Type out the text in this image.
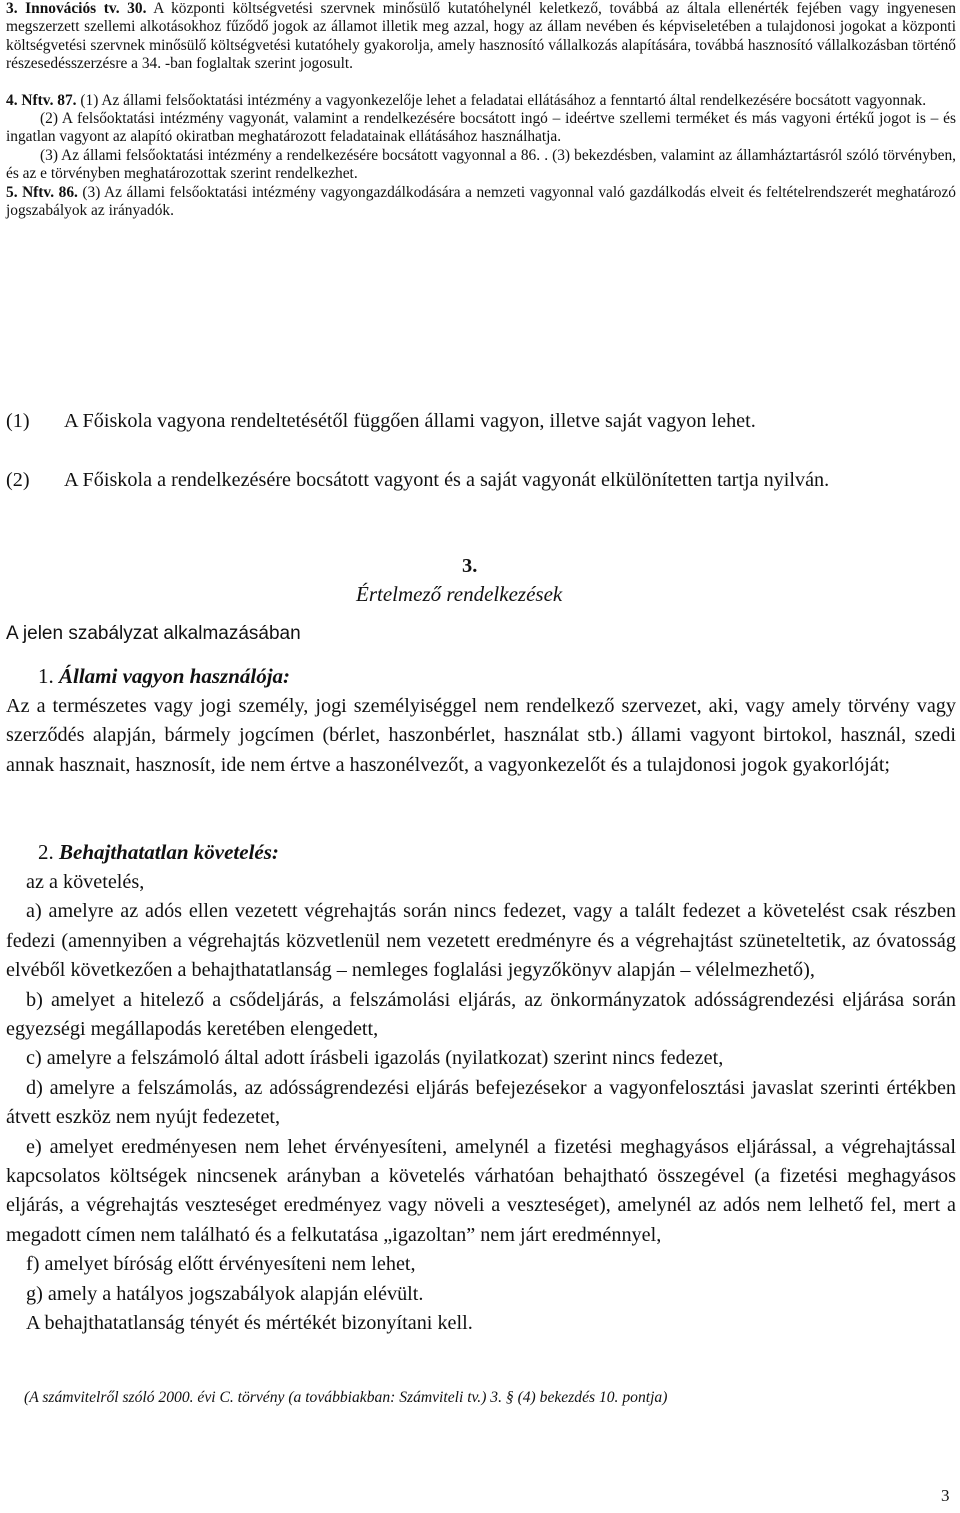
3. Innovációs tv. 30. A központi költségvetési szervnek minősülő kutatóhelynél keletkező, továbbá az általa ellenérték fejében vagy ingyenesen megszerzett szellemi alkotásokhoz fűződő jogok az államot illetik meg azzal, hogy az állam nevében és képviseletében a tulajdonosi jogokat a központi költségvetési szervnek minősülő költségvetési kutatóhely gyakorolja, amely hasznosító vállalkozás alapítására, továbbá hasznosító vállalkozásban történő részesedésszerzésre a 34. -ban foglaltak szerint jogosult.
4. Nftv. 87. (1) Az állami felsőoktatási intézmény a vagyonkezelője lehet a feladatai ellátásához a fenntartó által rendelkezésére bocsátott vagyonnak.
(2) A felsőoktatási intézmény vagyonát, valamint a rendelkezésére bocsátott ingó – ideértve szellemi terméket és más vagyoni értékű jogot is – és ingatlan vagyont az alapító okiratban meghatározott feladatainak ellátásához használhatja.
(3) Az állami felsőoktatási intézmény a rendelkezésére bocsátott vagyonnal a 86. . (3) bekezdésben, valamint az államháztartásról szóló törvényben, és az e törvényben meghatározottak szerint rendelkezhet.
5. Nftv. 86. (3) Az állami felsőoktatási intézmény vagyongazdálkodására a nemzeti vagyonnal való gazdálkodás elveit és feltételrendszerét meghatározó jogszabályok az irányadók.
(1) A Főiskola vagyona rendeltetésétől függően állami vagyon, illetve saját vagyon lehet.
(2) A Főiskola a rendelkezésére bocsátott vagyont és a saját vagyonát elkülönítetten tartja nyilván.
3.
Értelmező rendelkezések
A jelen szabályzat alkalmazásában
1. Állami vagyon használója:
Az a természetes vagy jogi személy, jogi személyiséggel nem rendelkező szervezet, aki, vagy amely törvény vagy szerződés alapján, bármely jogcímen (bérlet, haszonbérlet, használat stb.) állami vagyont birtokol, használ, szedi annak hasznait, hasznosít, ide nem értve a haszonélvezőt, a vagyonkezelőt és a tulajdonosi jogok gyakorlóját;
2. Behajthatatlan követelés:
az a követelés,
a) amelyre az adós ellen vezetett végrehajtás során nincs fedezet, vagy a talált fedezet a követelést csak részben fedezi (amennyiben a végrehajtás közvetlenül nem vezetett eredményre és a végrehajtást szüneteltetik, az óvatosság elvéből következően a behajthatatlanság – nemleges foglalási jegyzőkönyv alapján – vélelmezhető),
b) amelyet a hitelező a csődeljárás, a felszámolási eljárás, az önkormányzatok adósságrendezési eljárása során egyezségi megállapodás keretében elengedett,
c) amelyre a felszámoló által adott írásbeli igazolás (nyilatkozat) szerint nincs fedezet,
d) amelyre a felszámolás, az adósságrendezési eljárás befejezésekor a vagyonfelosztási javaslat szerinti értékben átvett eszköz nem nyújt fedezetet,
e) amelyet eredményesen nem lehet érvényesíteni, amelynél a fizetési meghagyásos eljárással, a végrehajtással kapcsolatos költségek nincsenek arányban a követelés várhatóan behajtható összegével (a fizetési meghagyásos eljárás, a végrehajtás veszteséget eredményez vagy növeli a veszteséget), amelynél az adós nem lelhető fel, mert a megadott címen nem található és a felkutatása „igazoltan” nem járt eredménnyel,
f) amelyet bíróság előtt érvényesíteni nem lehet,
g) amely a hatályos jogszabályok alapján elévült.
A behajthatatlanság tényét és mértékét bizonyítani kell.
(A számvitelről szóló 2000. évi C. törvény (a továbbiakban: Számviteli tv.) 3. § (4) bekezdés 10. pontja)
3
